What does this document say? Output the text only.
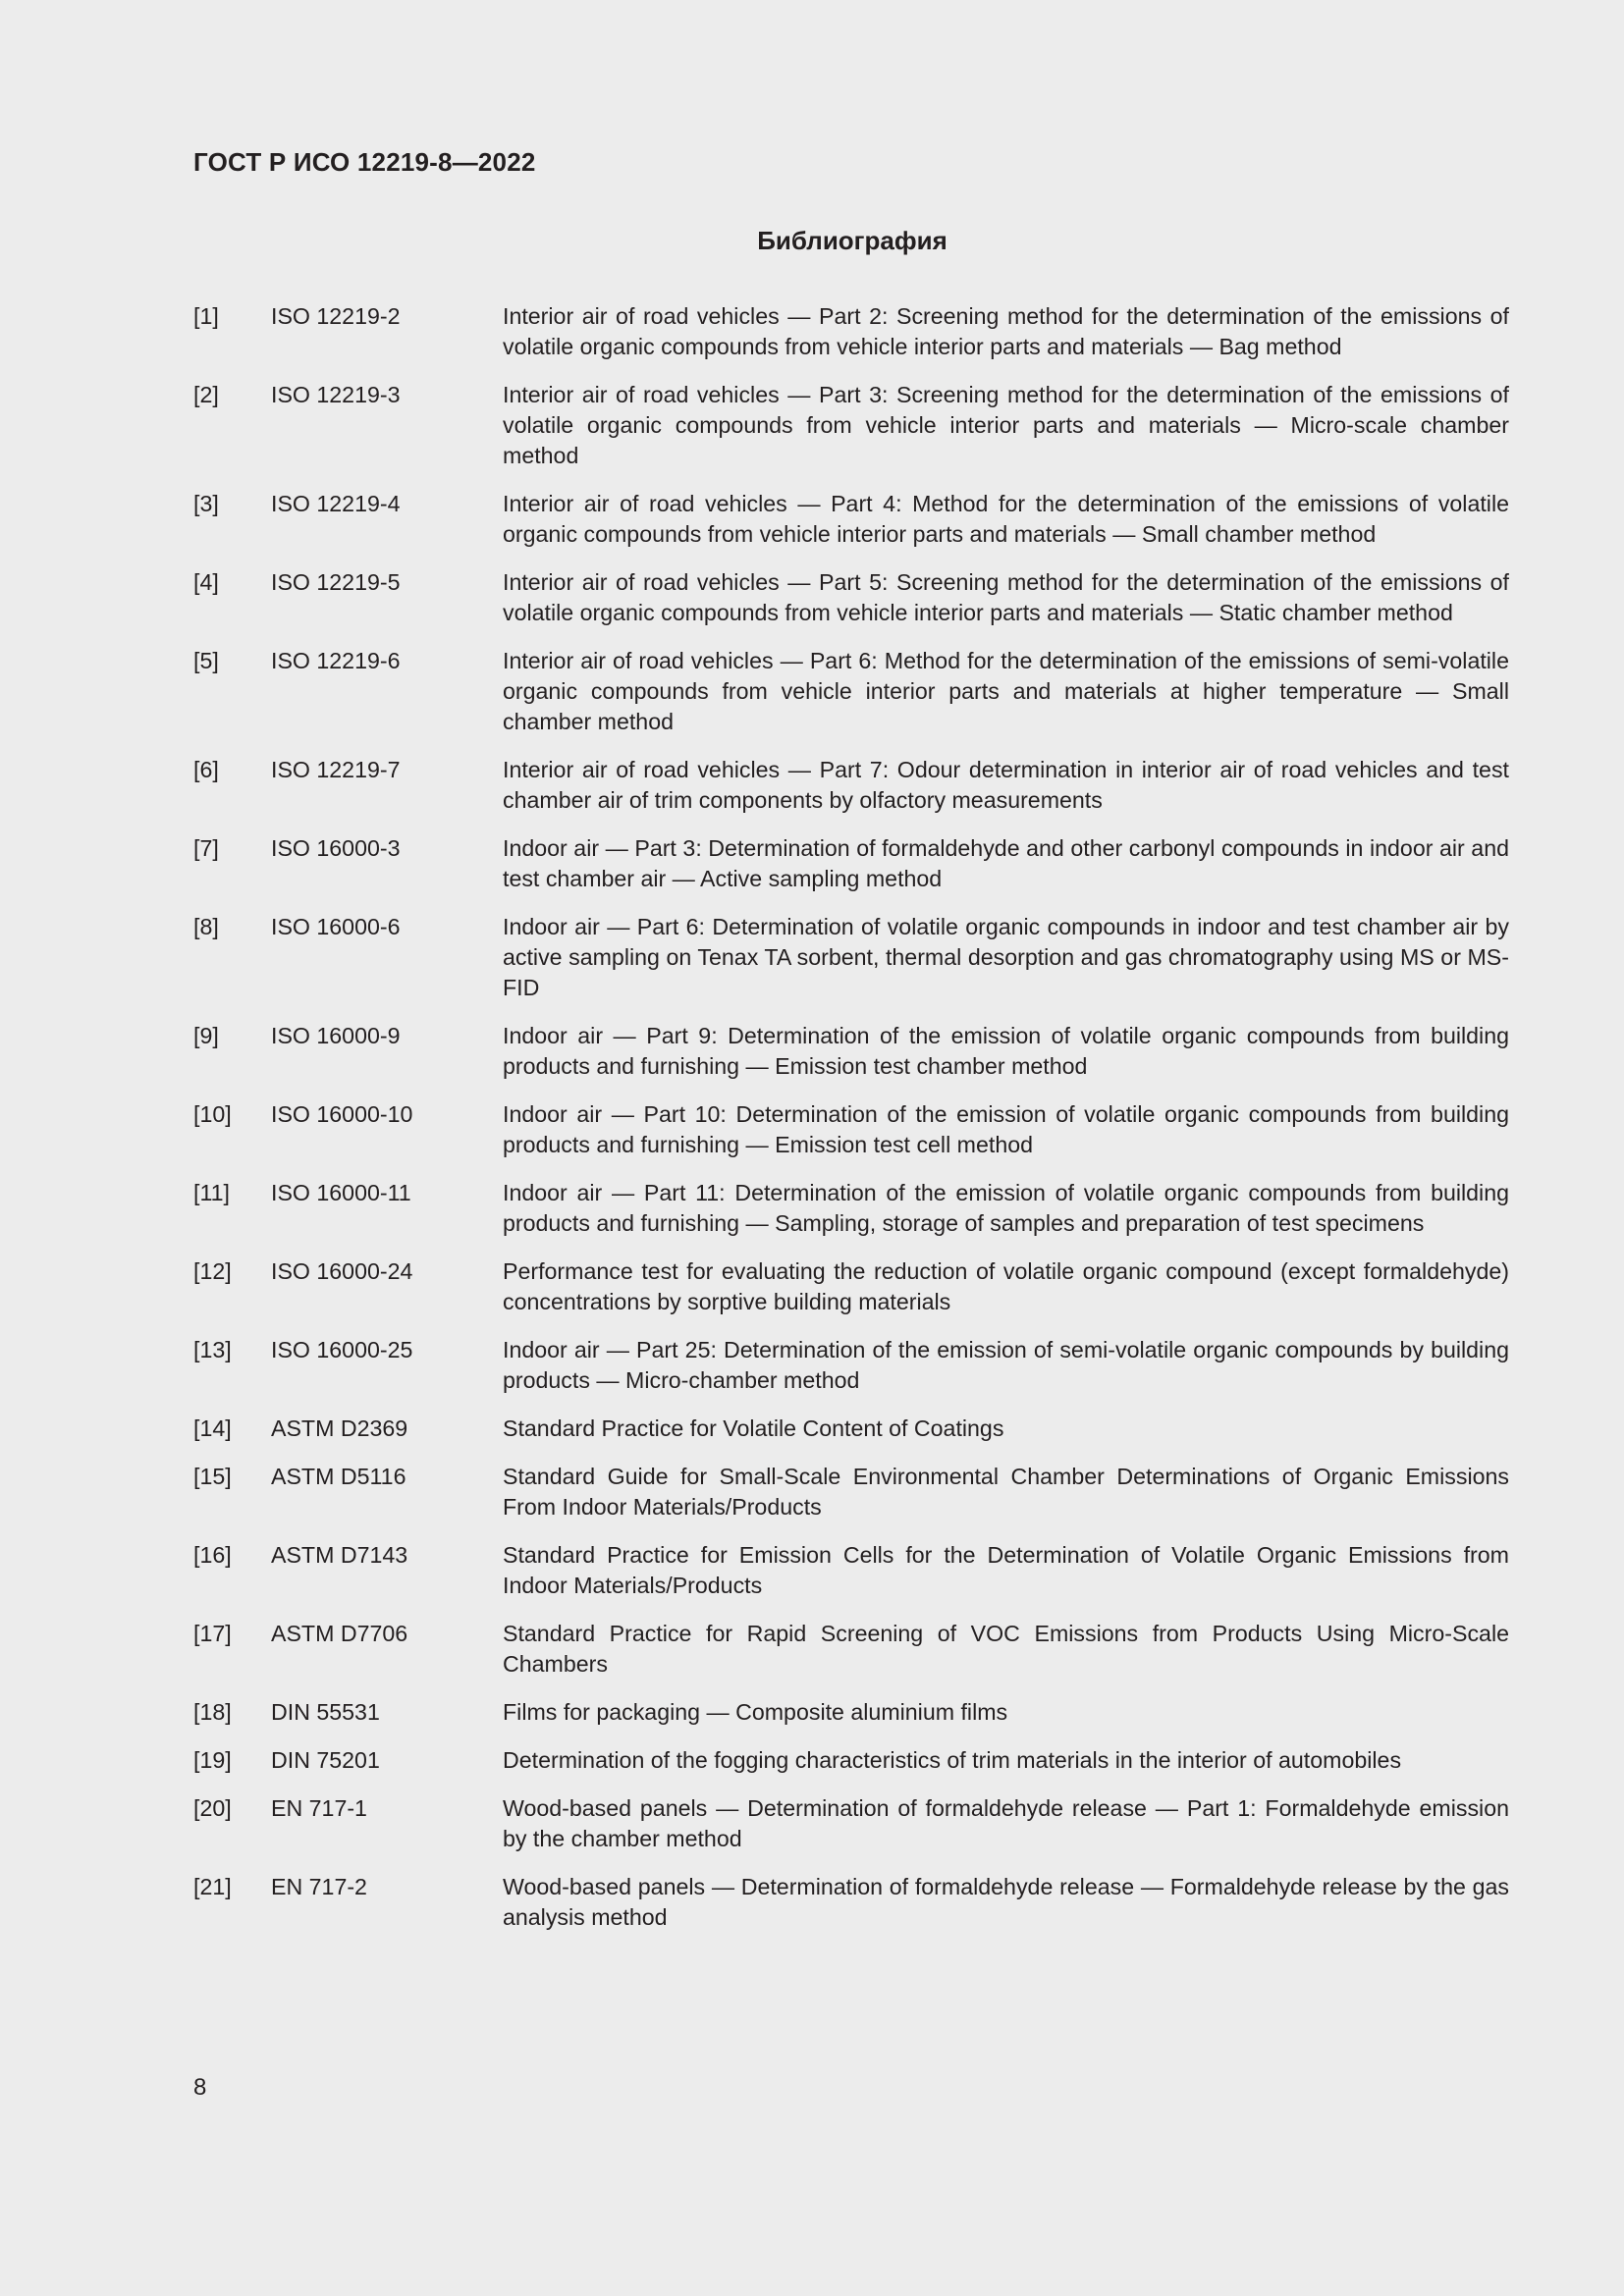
ГОСТ Р ИСО 12219-8—2022
Библиография
[1]	ISO 12219-2	Interior air of road vehicles — Part 2: Screening method for the determination of the emissions of volatile organic compounds from vehicle interior parts and materials — Bag method
[2]	ISO 12219-3	Interior air of road vehicles — Part 3: Screening method for the determination of the emissions of volatile organic compounds from vehicle interior parts and materials — Micro-scale chamber method
[3]	ISO 12219-4	Interior air of road vehicles — Part 4: Method for the determination of the emissions of volatile organic compounds from vehicle interior parts and materials — Small chamber method
[4]	ISO 12219-5	Interior air of road vehicles — Part 5: Screening method for the determination of the emissions of volatile organic compounds from vehicle interior parts and materials — Static chamber method
[5]	ISO 12219-6	Interior air of road vehicles — Part 6: Method for the determination of the emissions of semi-volatile organic compounds from vehicle interior parts and materials at higher temperature — Small chamber method
[6]	ISO 12219-7	Interior air of road vehicles — Part 7: Odour determination in interior air of road vehicles and test chamber air of trim components by olfactory measurements
[7]	ISO 16000-3	Indoor air — Part 3: Determination of formaldehyde and other carbonyl compounds in indoor air and test chamber air — Active sampling method
[8]	ISO 16000-6	Indoor air — Part 6: Determination of volatile organic compounds in indoor and test chamber air by active sampling on Tenax TA sorbent, thermal desorption and gas chromatography using MS or MS-FID
[9]	ISO 16000-9	Indoor air — Part 9: Determination of the emission of volatile organic compounds from building products and furnishing — Emission test chamber method
[10]	ISO 16000-10	Indoor air — Part 10: Determination of the emission of volatile organic compounds from building products and furnishing — Emission test cell method
[11]	ISO 16000-11	Indoor air — Part 11: Determination of the emission of volatile organic compounds from building products and furnishing — Sampling, storage of samples and preparation of test specimens
[12]	ISO 16000-24	Performance test for evaluating the reduction of volatile organic compound (except formaldehyde) concentrations by sorptive building materials
[13]	ISO 16000-25	Indoor air — Part 25: Determination of the emission of semi-volatile organic compounds by building products — Micro-chamber method
[14]	ASTM D2369	Standard Practice for Volatile Content of Coatings
[15]	ASTM D5116	Standard Guide for Small-Scale Environmental Chamber Determinations of Organic Emissions From Indoor Materials/Products
[16]	ASTM D7143	Standard Practice for Emission Cells for the Determination of Volatile Organic Emissions from Indoor Materials/Products
[17]	ASTM D7706	Standard Practice for Rapid Screening of VOC Emissions from Products Using Micro-Scale Chambers
[18]	DIN 55531	Films for packaging — Composite aluminium films
[19]	DIN 75201	Determination of the fogging characteristics of trim materials in the interior of automobiles
[20]	EN 717-1	Wood-based panels — Determination of formaldehyde release — Part 1: Formaldehyde emission by the chamber method
[21]	EN 717-2	Wood-based panels — Determination of formaldehyde release — Formaldehyde release by the gas analysis method
8
